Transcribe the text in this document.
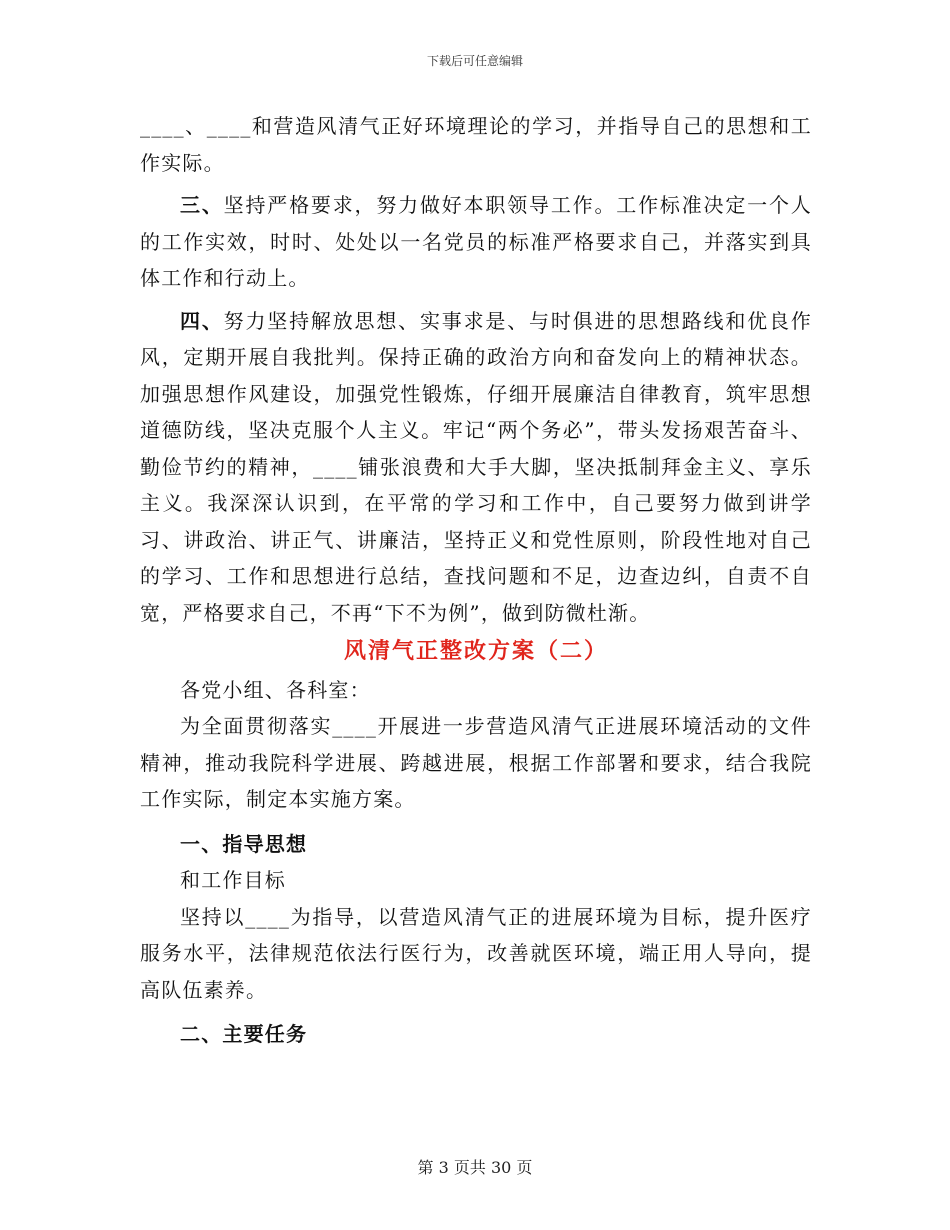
下载后可任意编辑

____、____和营造风清气正好环境理论的学习，并指导自己的思想和工作实际。

三、坚持严格要求，努力做好本职领导工作。工作标准决定一个人的工作实效，时时、处处以一名党员的标准严格要求自己，并落实到具体工作和行动上。

四、努力坚持解放思想、实事求是、与时俱进的思想路线和优良作风，定期开展自我批判。保持正确的政治方向和奋发向上的精神状态。加强思想作风建设，加强党性锻炼，仔细开展廉洁自律教育，筑牢思想道德防线，坚决克服个人主义。牢记“两个务必”，带头发扬艰苦奋斗、勤俭节约的精神，____铺张浪费和大手大脚，坚决抵制拜金主义、享乐主义。我深深认识到，在平常的学习和工作中，自己要努力做到讲学习、讲政治、讲正气、讲廉洁，坚持正义和党性原则，阶段性地对自己的学习、工作和思想进行总结，查找问题和不足，边查边纠，自责不自宽，严格要求自己，不再“下不为例”，做到防微杜渐。

风清气正整改方案（二）

各党小组、各科室：

为全面贯彻落实____开展进一步营造风清气正进展环境活动的文件精神，推动我院科学进展、跨越进展，根据工作部署和要求，结合我院工作实际，制定本实施方案。

一、指导思想

和工作目标

坚持以____为指导，以营造风清气正的进展环境为目标，提升医疗服务水平，法律规范依法行医行为，改善就医环境，端正用人导向，提高队伍素养。

二、主要任务

第 3 页共 30 页
